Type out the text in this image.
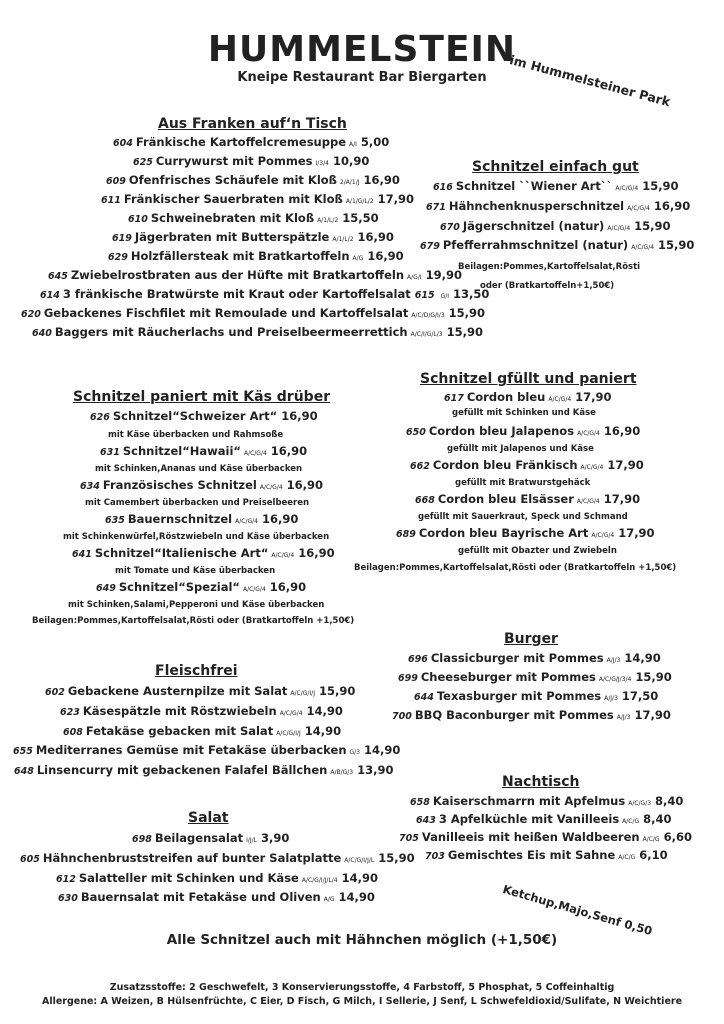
HUMMELSTEIN
Kneipe Restaurant Bar Biergarten	im Hummelsteiner Park
Aus Franken auf‘n Tisch
604 Fränkische Kartoffelcremesuppe A/I 5,00
625 Currywurst mit Pommes I/3/4 10,90
609 Ofenfrisches Schäufele mit Kloß 2/A/1/J 16,90
611 Fränkischer Sauerbraten mit Kloß A/1/G/L/2 17,90
610 Schweinebraten mit Kloß A/1/L/2 15,50
619 Jägerbraten mit Butterspätzle A/1/L/2 16,90
629 Holzfällersteak mit Bratkartoffeln A/G 16,90
645 Zwiebelrostbraten aus der Hüfte mit Bratkartoffeln A/G/I 19,90
614 3 fränkische Bratwürste mit Kraut oder Kartoffelsalat 615 G/I 13,50
620 Gebackenes Fischfilet mit Remoulade und Kartoffelsalat A/C/D/G/I/3 15,90
640 Baggers mit Räucherlachs und Preiselbeermeerrettich A/C/I/G/L/3 15,90
Schnitzel einfach gut
616 Schnitzel ``Wiener Art`` A/C/G/4 15,90
671 Hähnchenknusperschnitzel A/C/G/4 16,90
670 Jägerschnitzel (natur) A/C/G/4 15,90
679 Pfefferrahmschnitzel (natur) A/C/G/4 15,90
Beilagen:Pommes,Kartoffelsalat,Rösti
oder (Bratkartoffeln+1,50€)
Schnitzel paniert mit Käs drüber
626 Schnitzel“Schweizer Art“ 16,90
mit Käse überbacken und Rahmsoße
631 Schnitzel“Hawaii“ A/C/G/4 16,90
mit Schinken,Ananas und Käse überbacken
634 Französisches Schnitzel A/C/G/4 16,90
mit Camembert überbacken und Preiselbeeren
635 Bauernschnitzel A/C/G/4 16,90
mit Schinkenwürfel,Röstzwiebeln und Käse überbacken
641 Schnitzel“Italienische Art“ A/C/G/4 16,90
mit Tomate und Käse überbacken
649 Schnitzel“Spezial“ A/C/G/4 16,90
mit Schinken,Salami,Pepperoni und Käse überbacken
Beilagen:Pommes,Kartoffelsalat,Rösti oder (Bratkartoffeln +1,50€)
Schnitzel gfüllt und paniert
617 Cordon bleu A/C/G/4 17,90
gefüllt mit Schinken und Käse
650 Cordon bleu Jalapenos A/C/G/4 16,90
gefüllt mit Jalapenos und Käse
662 Cordon bleu Fränkisch A/C/G/4 17,90
gefüllt mit Bratwurstgehäck
668 Cordon bleu Elsässer A/C/G/4 17,90
gefüllt mit Sauerkraut, Speck und Schmand
689 Cordon bleu Bayrische Art A/C/G/4 17,90
gefüllt mit Obazter und Zwiebeln
Beilagen:Pommes,Kartoffelsalat,Rösti oder (Bratkartoffeln +1,50€)
Burger
696 Classicburger mit Pommes A/J/3 14,90
699 Cheeseburger mit Pommes A/C/G/J/3/4 15,90
644 Texasburger mit Pommes A/J/3 17,50
700 BBQ Baconburger mit Pommes A/J/3 17,90
Fleischfrei
602 Gebackene Austernpilze mit Salat A/C/G/I/J 15,90
623 Käsespätzle mit Röstzwiebeln A/C/G/4 14,90
608 Fetakäse gebacken mit Salat A/C/G/I/J 14,90
655 Mediterranes Gemüse mit Fetakäse überbacken G/3 14,90
648 Linsencurry mit gebackenen Falafel Bällchen A/B/G/3 13,90
Nachtisch
658 Kaiserschmarrn mit Apfelmus A/C/G/3 8,40
643 3 Apfelküchle mit Vanilleeis A/C/G 8,40
705 Vanilleeis mit heißen Waldbeeren A/C/G 6,60
703 Gemischtes Eis mit Sahne A/C/G 6,10
Salat
698 Beilagensalat I/J/L 3,90
605 Hähnchenbruststreifen auf bunter Salatplatte A/C/G/I/J/L 15,90
612 Salatteller mit Schinken und Käse A/C/G/I/J/L/4 14,90
630 Bauernsalat mit Fetakäse und Oliven A/G 14,90	Ketchup,Majo,Senf 0,50
Alle Schnitzel auch mit Hähnchen möglich (+1,50€)
Zusatzsstoffe: 2 Geschwefelt, 3 Konservierungsstoffe, 4 Farbstoff, 5 Phosphat, 5 Coffeinhaltig
Allergene: A Weizen, B Hülsenfrüchte, C Eier, D Fisch, G Milch, I Sellerie, J Senf, L Schwefeldioxid/Sulifate, N Weichtiere
